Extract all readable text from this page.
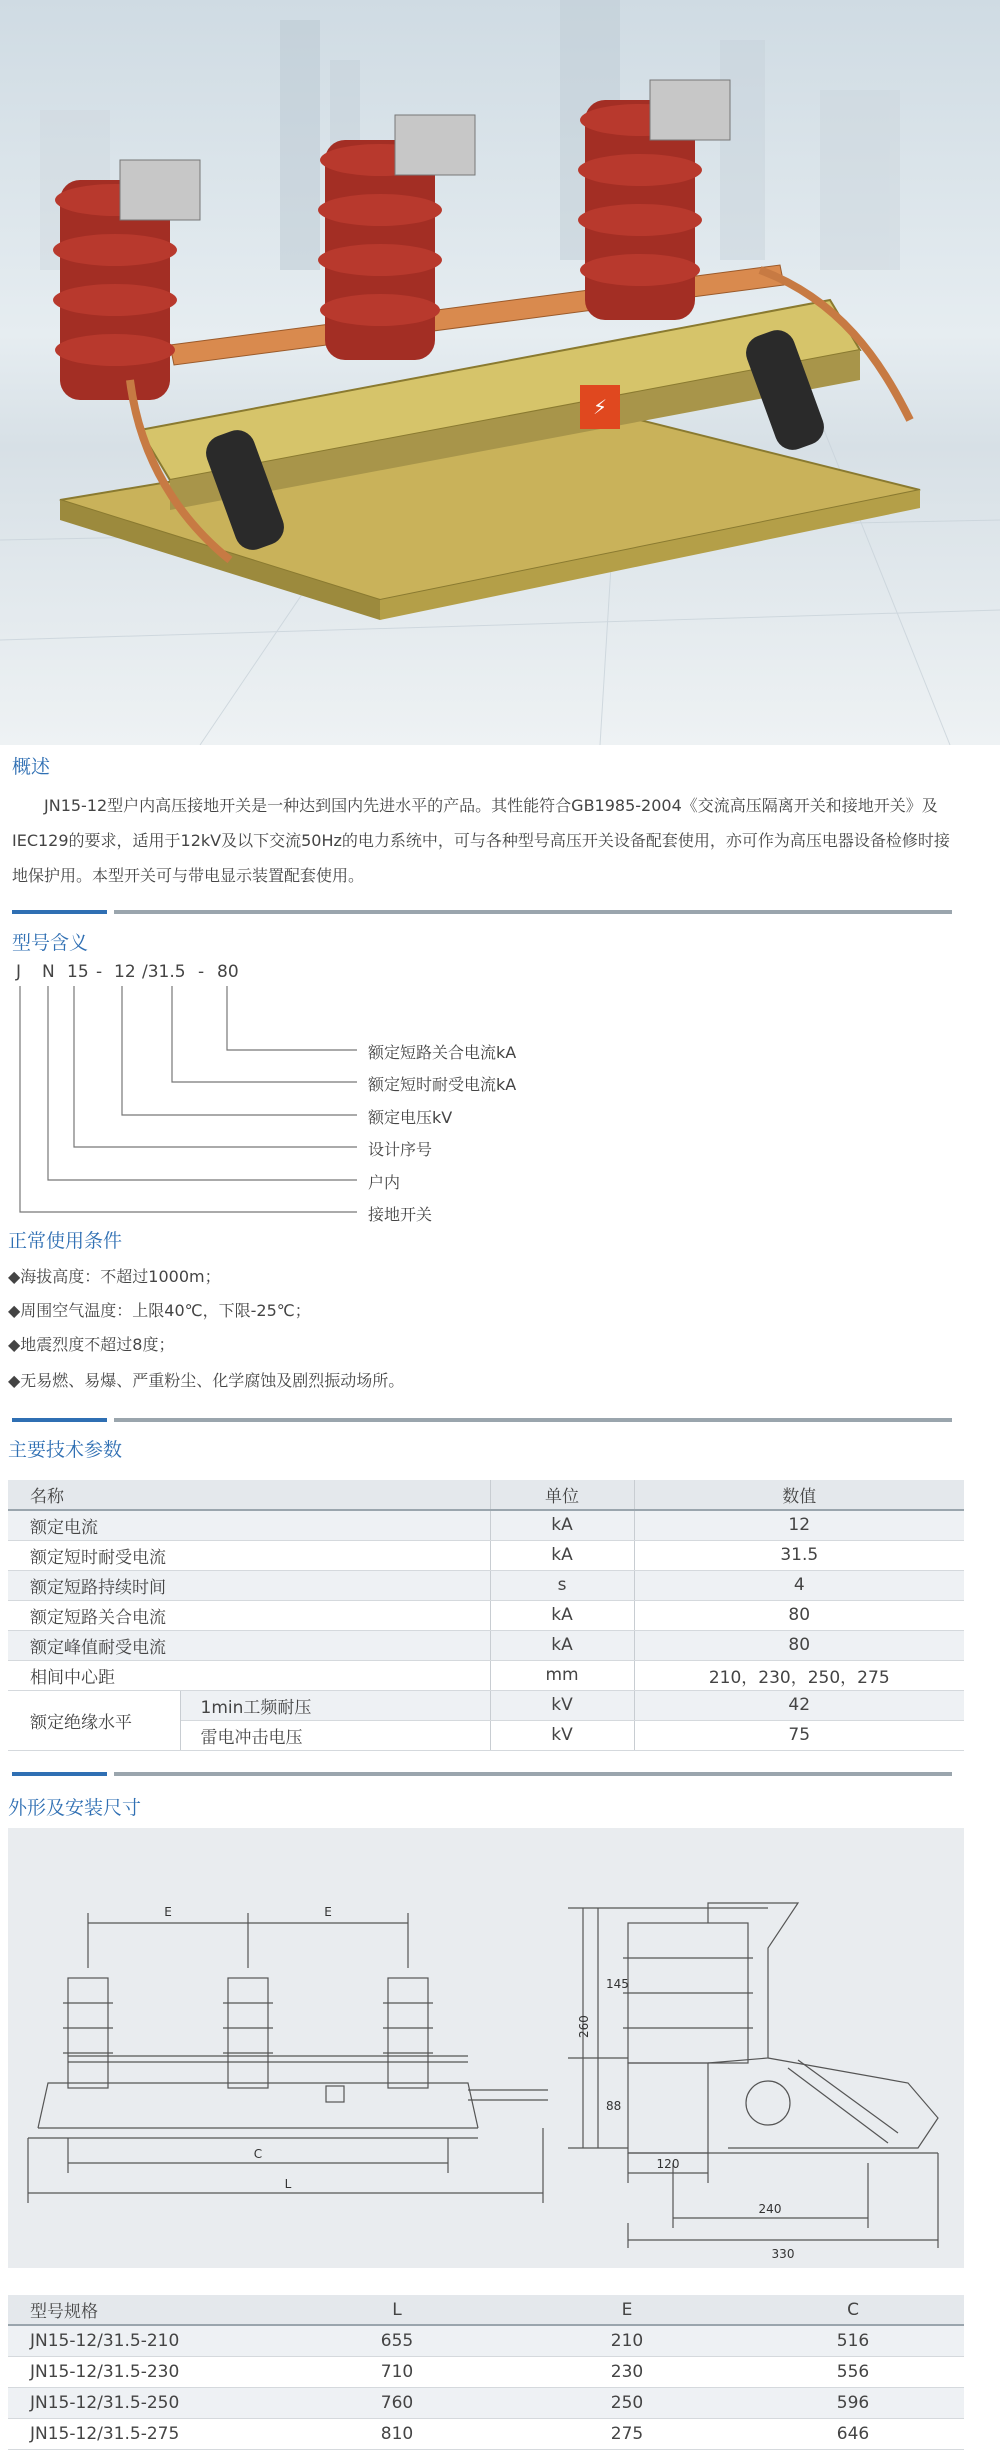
⚡
概述

JN15-12型户内高压接地开关是一种达到国内先进水平的产品。其性能符合GB1985-2004《交流高压隔离开关和接地开关》及IEC129的要求，适用于12kV及以下交流50Hz的电力系统中，可与各种型号高压开关设备配套使用，亦可作为高压电器设备检修时接地保护用。本型开关可与带电显示装置配套使用。

型号含义
J N 15 - 12 /31.5 - 80
额定短路关合电流kA
额定短时耐受电流kA
额定电压kV
设计序号
户内
接地开关
正常使用条件
◆海拔高度：不超过1000m；
◆周围空气温度：上限40℃，下限-25℃；
◆地震烈度不超过8度；
◆无易燃、易爆、严重粉尘、化学腐蚀及剧烈振动场所。
主要技术参数
名称		单位	数值
额定电流		kA	12
额定短时耐受电流		kA	31.5
额定短路持续时间		s	4
额定短路关合电流		kA	80
额定峰值耐受电流		kA	80
相间中心距		mm	210，230，250，275
额定绝缘水平	1min工频耐压	kV	42
	雷电冲击电压	kV	75
外形及安装尺寸
E	E
C
L
145
260
88
120
240
330
型号规格	L	E	C
JN15-12/31.5-210	655	210	516
JN15-12/31.5-230	710	230	556
JN15-12/31.5-250	760	250	596
JN15-12/31.5-275	810	275	646
